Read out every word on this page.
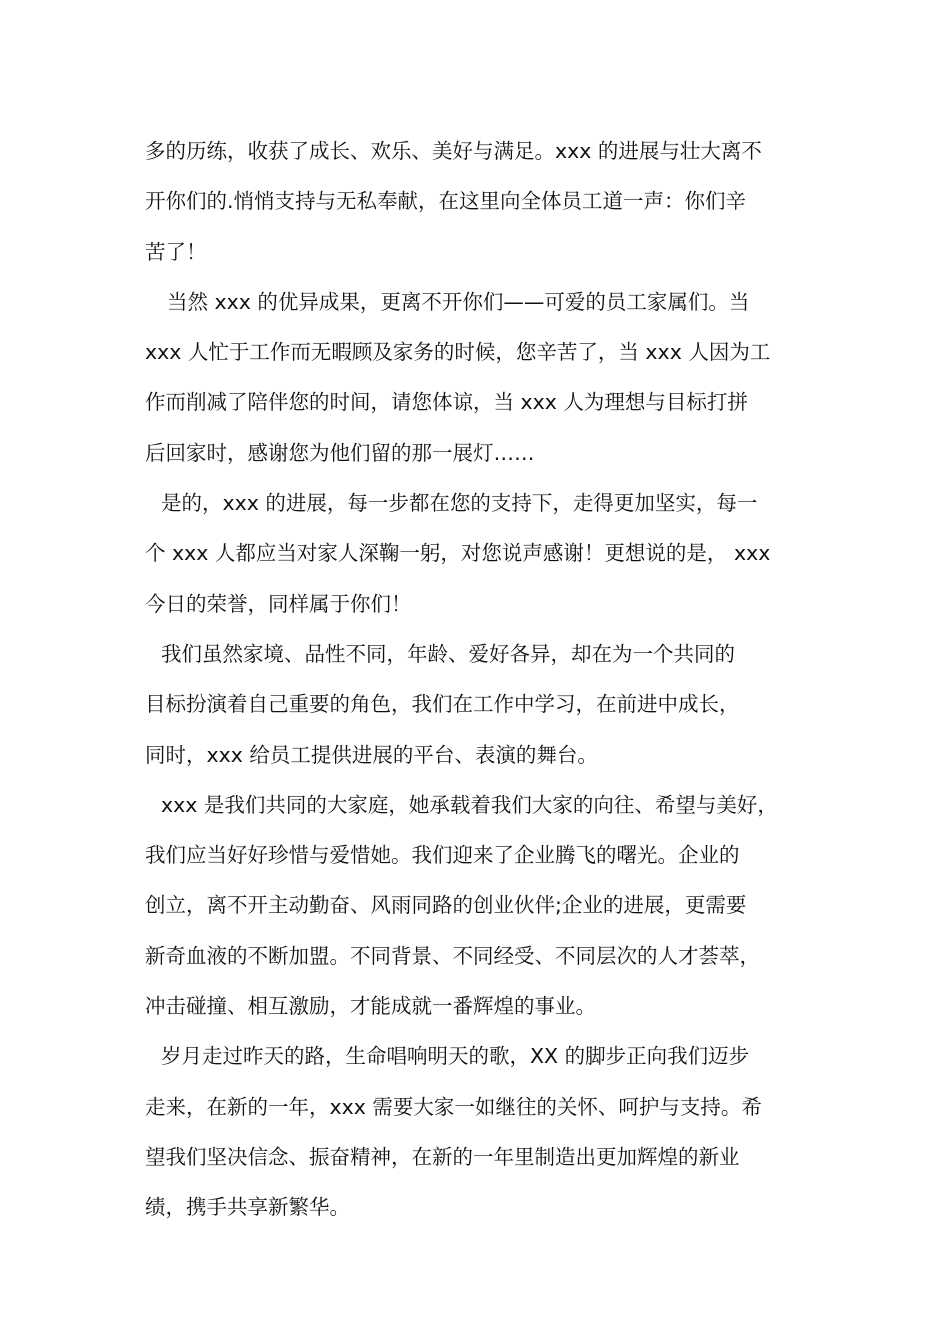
多的历练，收获了成长、欢乐、美好与满足。xxx 的进展与壮大离不
开你们的.悄悄支持与无私奉献，在这里向全体员工道一声：你们辛
苦了！
当然 xxx 的优异成果，更离不开你们——可爱的员工家属们。当
xxx 人忙于工作而无暇顾及家务的时候，您辛苦了，当 xxx 人因为工
作而削减了陪伴您的时间，请您体谅，当 xxx 人为理想与目标打拼
后回家时，感谢您为他们留的那一展灯……
是的，xxx 的进展，每一步都在您的支持下，走得更加坚实，每一
个 xxx 人都应当对家人深鞠一躬，对您说声感谢！更想说的是， xxx
今日的荣誉，同样属于你们！
我们虽然家境、品性不同，年龄、爱好各异，却在为一个共同的
目标扮演着自己重要的角色，我们在工作中学习，在前进中成长，
同时，xxx 给员工提供进展的平台、表演的舞台。
xxx 是我们共同的大家庭，她承载着我们大家的向往、希望与美好，
我们应当好好珍惜与爱惜她。我们迎来了企业腾飞的曙光。企业的
创立，离不开主动勤奋、风雨同路的创业伙伴;企业的进展，更需要
新奇血液的不断加盟。不同背景、不同经受、不同层次的人才荟萃，
冲击碰撞、相互激励，才能成就一番辉煌的事业。
岁月走过昨天的路，生命唱响明天的歌，XX 的脚步正向我们迈步
走来，在新的一年，xxx 需要大家一如继往的关怀、呵护与支持。希
望我们坚决信念、振奋精神，在新的一年里制造出更加辉煌的新业
绩，携手共享新繁华。
